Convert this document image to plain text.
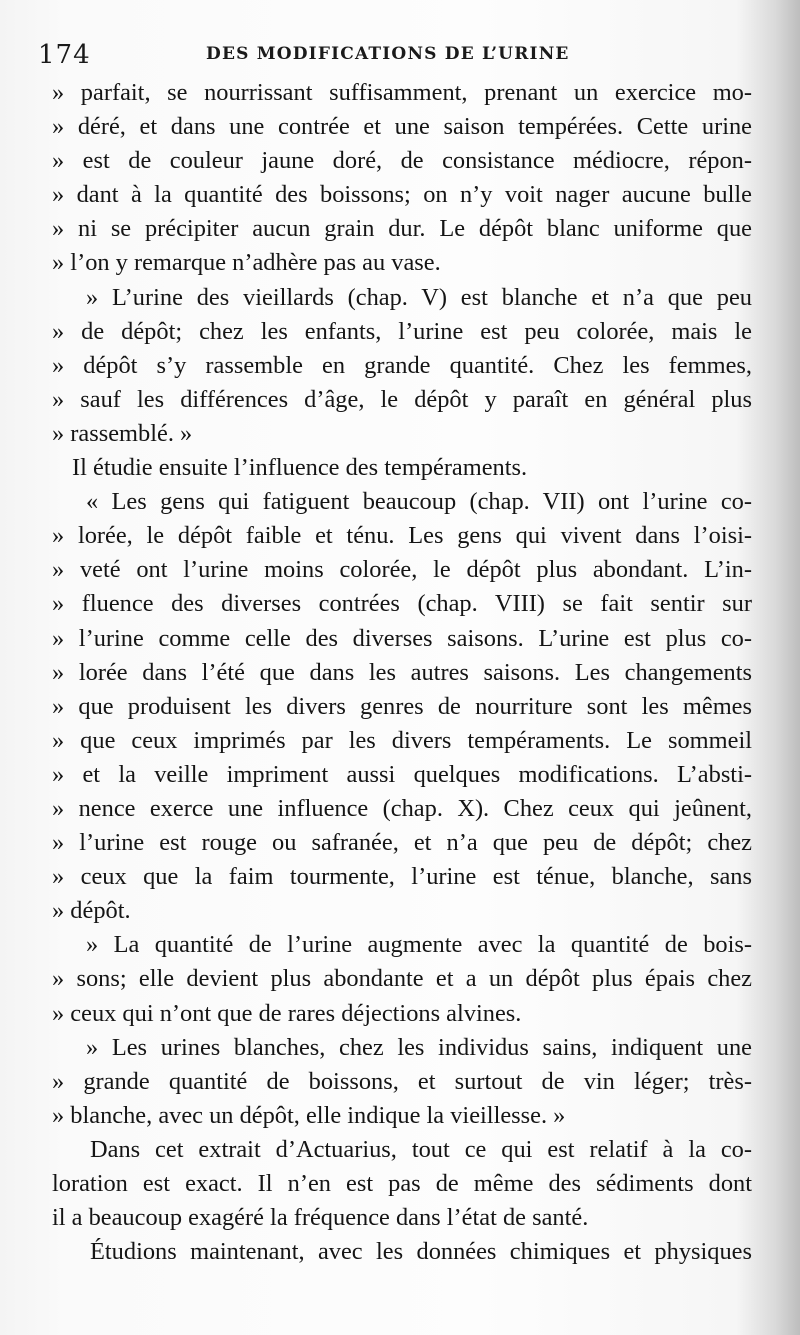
174	DES MODIFICATIONS DE L’URINE
» parfait, se nourrissant suffisamment, prenant un exercice mo-
» déré, et dans une contrée et une saison tempérées. Cette urine
» est de couleur jaune doré, de consistance médiocre, répon-
» dant à la quantité des boissons; on n’y voit nager aucune bulle
» ni se précipiter aucun grain dur. Le dépôt blanc uniforme que
» l’on y remarque n’adhère pas au vase.
» L’urine des vieillards (chap. V) est blanche et n’a que peu
» de dépôt; chez les enfants, l’urine est peu colorée, mais le
» dépôt s’y rassemble en grande quantité. Chez les femmes,
» sauf les différences d’âge, le dépôt y paraît en général plus
» rassemblé. »
Il étudie ensuite l’influence des tempéraments.
« Les gens qui fatiguent beaucoup (chap. VII) ont l’urine co-
» lorée, le dépôt faible et ténu. Les gens qui vivent dans l’oisi-
» veté ont l’urine moins colorée, le dépôt plus abondant. L’in-
» fluence des diverses contrées (chap. VIII) se fait sentir sur
» l’urine comme celle des diverses saisons. L’urine est plus co-
» lorée dans l’été que dans les autres saisons. Les changements
» que produisent les divers genres de nourriture sont les mêmes
» que ceux imprimés par les divers tempéraments. Le sommeil
» et la veille impriment aussi quelques modifications. L’absti-
» nence exerce une influence (chap. X). Chez ceux qui jeûnent,
» l’urine est rouge ou safranée, et n’a que peu de dépôt; chez
» ceux que la faim tourmente, l’urine est ténue, blanche, sans
» dépôt.
» La quantité de l’urine augmente avec la quantité de bois-
» sons; elle devient plus abondante et a un dépôt plus épais chez
» ceux qui n’ont que de rares déjections alvines.
» Les urines blanches, chez les individus sains, indiquent une
» grande quantité de boissons, et surtout de vin léger; très-
» blanche, avec un dépôt, elle indique la vieillesse. »
Dans cet extrait d’Actuarius, tout ce qui est relatif à la co-
loration est exact. Il n’en est pas de même des sédiments dont
il a beaucoup exagéré la fréquence dans l’état de santé.
Étudions maintenant, avec les données chimiques et physiques
